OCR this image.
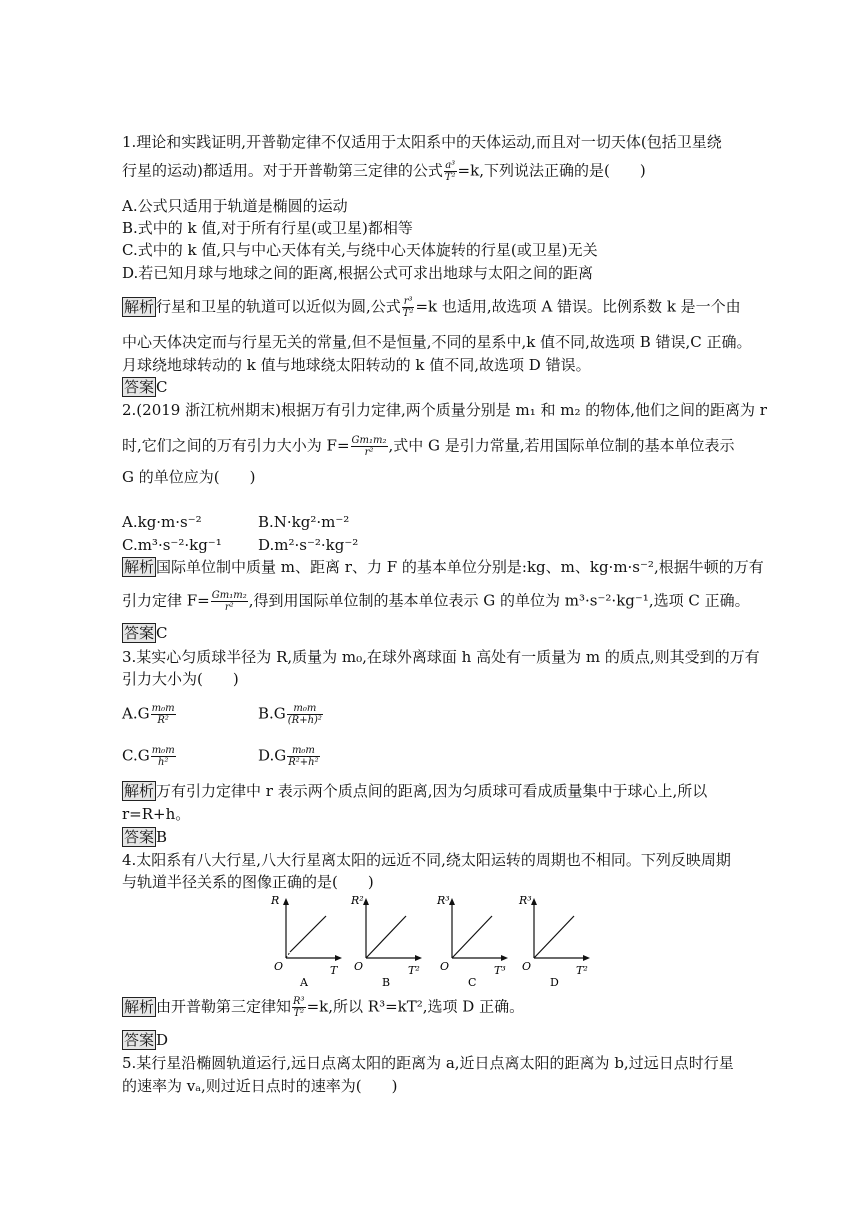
1.理论和实践证明,开普勒定律不仅适用于太阳系中的天体运动,而且对一切天体(包括卫星绕
行星的运动)都适用。对于开普勒第三定律的公式 $\frac{\text{a³}}{\text{T²}} =k$,下列说法正确的是(　　)
A.公式只适用于轨道是椭圆的运动
B.式中的 k 值,对于所有行星(或卫星)都相等
C.式中的 k 值,只与中心天体有关,与绕中心天体旋转的行星(或卫星)无关
D.若已知月球与地球之间的距离,根据公式可求出地球与太阳之间的距离
解析 行星和卫星的轨道可以近似为圆,公式 $\frac{\text{r³}}{\text{T²}} =k$ 也适用,故选项 A 错误。比例系数 k 是一个由
中心天体决定而与行星无关的常量,但不是恒量,不同的星系中,k 值不同,故选项 B 错误,C 正确。
月球绕地球转动的 k 值与地球绕太阳转动的 k 值不同,故选项 D 错误。
答案 C
2.(2019 浙江杭州期末)根据万有引力定律,两个质量分别是 m₁ 和 m₂ 的物体,他们之间的距离为 r
时,它们之间的万有引力大小为 $F= \frac{\text{Gm₁m₂}}{\text{r²}}$ ,式中 G 是引力常量,若用国际单位制的基本单位表示
G 的单位应为(　　)
A.kg·m·s⁻²	B.N·kg²·m⁻²
C.m³·s⁻²·kg⁻¹ D.m²·s⁻²·kg⁻²
解析 国际单位制中质量 m、距离 r、力 F 的基本单位分别是:kg、m、kg·m·s⁻²,根据牛顿的万有
引力定律 $F= \frac{\text{Gm₁m₂}}{\text{r²}}$ ,得到用国际单位制的基本单位表示 G 的单位为 m³·s⁻²·kg⁻¹,选项 C 正确。
答案 C
3.某实心匀质球半径为 R,质量为 m₀,在球外离球面 h 高处有一质量为 m 的质点,则其受到的万有
引力大小为(　　)
$A.G \frac{\text{m₀m}}{\text{R²}}$	$B.G \frac{\text{m₀m}}{\text{(R+h)²}}$
$C.G \frac{\text{m₀m}}{\text{h²}}$	$D.G \frac{\text{m₀m}}{\text{R²+h²}}$
解析 万有引力定律中 r 表示两个质点间的距离,因为匀质球可看成质量集中于球心上,所以
r=R+h。
答案 B
4.太阳系有八大行星,八大行星离太阳的远近不同,绕太阳运转的周期也不相同。下列反映周期
与轨道半径关系的图像正确的是(　　)
R
T
O
A
R²
T²
O
B
R³
T³
O
C
R³
T²
O
D
解析 由开普勒第三定律知 $\frac{\text{R³}}{\text{T²}} =k$,所以 R³=kT²,选项 D 正确。
答案 D
5.某行星沿椭圆轨道运行,远日点离太阳的距离为 a,近日点离太阳的距离为 b,过远日点时行星
的速率为 vₐ,则过近日点时的速率为(　　)
